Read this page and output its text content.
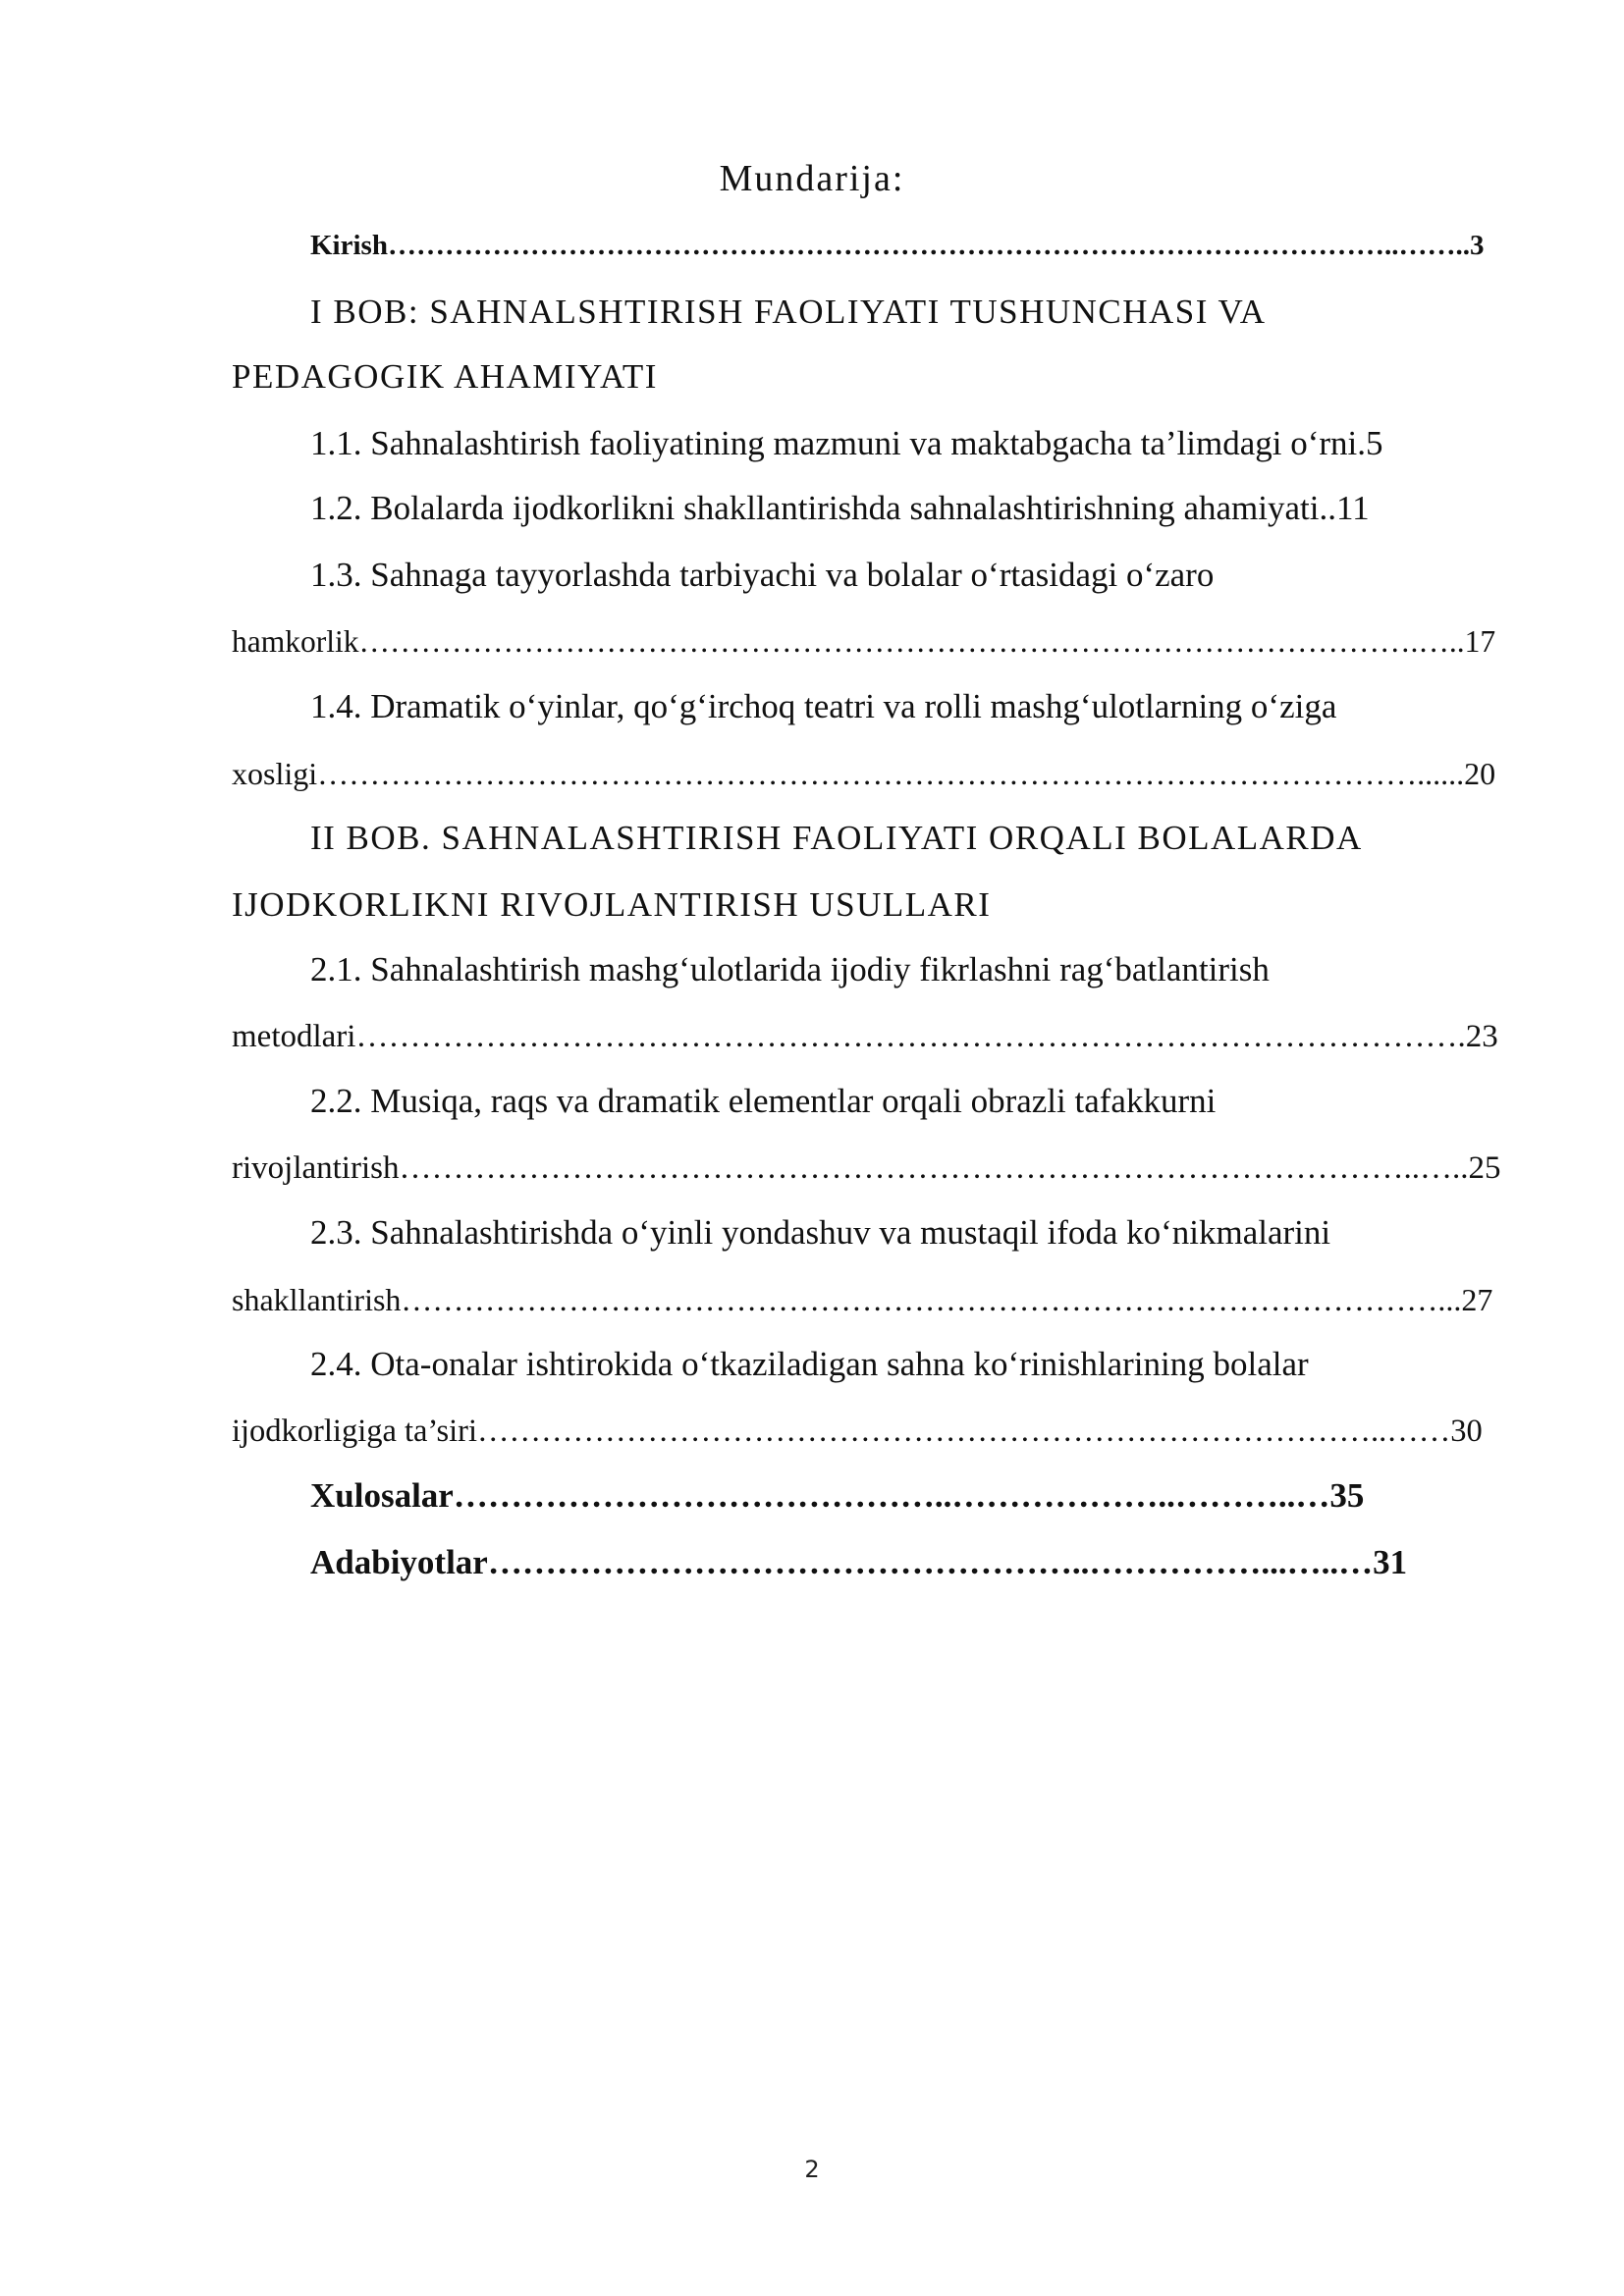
Mundarija:
Kirish……………………………………………………………………………………………..……..3
I BOB: SAHNALSHTIRISH FAOLIYATI TUSHUNCHASI VA
PEDAGOGIK AHAMIYATI
1.1. Sahnalashtirish faoliyatining mazmuni va maktabgacha ta’limdagi o‘rni.5
1.2. Bolalarda ijodkorlikni shakllantirishda sahnalashtirishning ahamiyati..11
1.3. Sahnaga tayyorlashda tarbiyachi va bolalar o‘rtasidagi o‘zaro
hamkorlik………………………………………………………………………………………….…..17
1.4. Dramatik o‘yinlar, qo‘g‘irchoq teatri va rolli mashg‘ulotlarning o‘ziga
xosligi……………………………………………………………………………………………......20
II BOB. SAHNALASHTIRISH FAOLIYATI ORQALI BOLALARDA
IJODKORLIKNI RIVOJLANTIRISH USULLARI
2.1. Sahnalashtirish mashg‘ulotlarida ijodiy fikrlashni rag‘batlantirish
metodlari………………………………………………………………………………………….23
2.2. Musiqa, raqs va dramatik elementlar orqali obrazli tafakkurni
rivojlantirish…………………………………………………………………………………..…..25
2.3. Sahnalashtirishda o‘yinli yondashuv va mustaqil ifoda ko‘nikmalarini
shakllantirish………………………………………………………………………………………...27
2.4. Ota-onalar ishtirokida o‘tkaziladigan sahna ko‘rinishlarining bolalar
ijodkorligiga ta’siri…………………………………………………………………………..……30
Xulosalar……………………………………..………………..………..…35
Adabiyotlar……………………………………………..……………...…..…31
2
